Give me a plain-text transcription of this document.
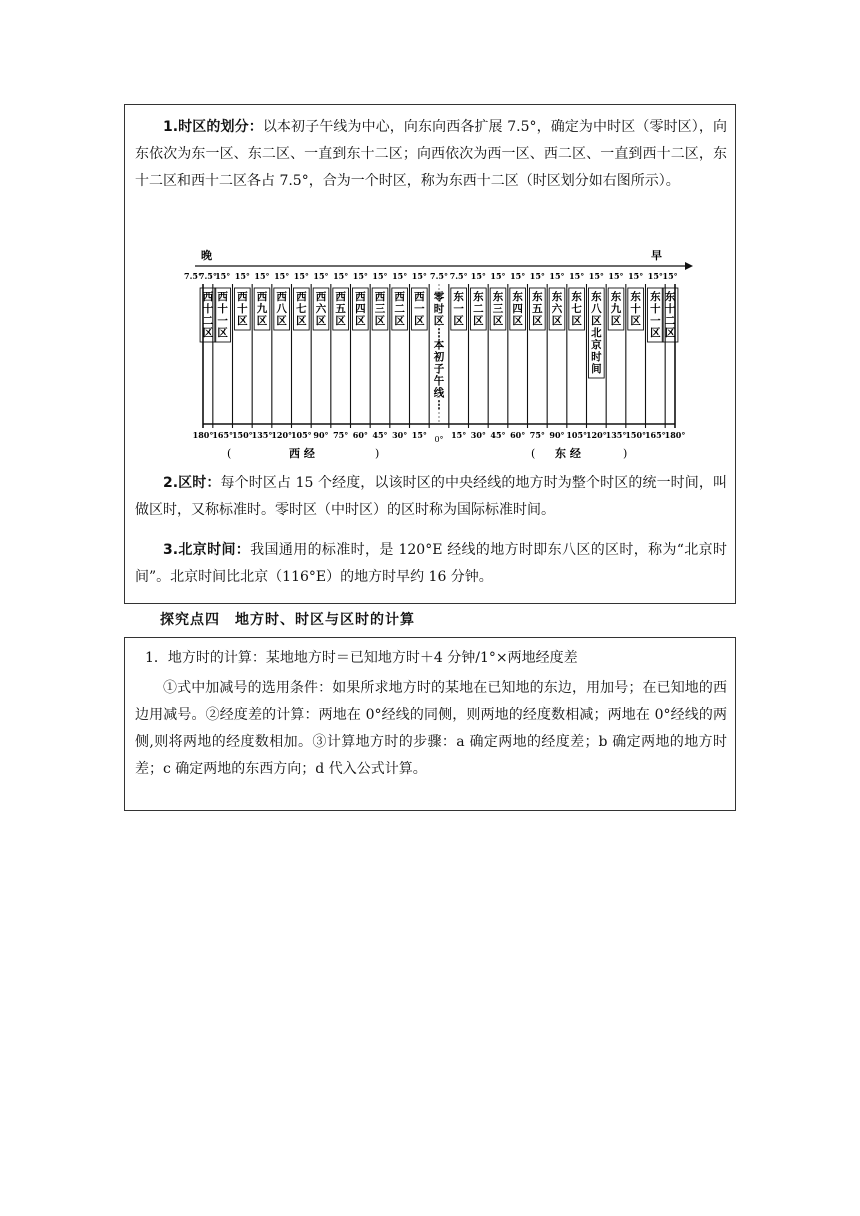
1.时区的划分：以本初子午线为中心，向东向西各扩展 7.5°，确定为中时区（零时区），向东依次为东一区、东二区、一直到东十二区；向西依次为西一区、西二区、一直到西十二区，东十二区和西十二区各占 7.5°，合为一个时区，称为东西十二区（时区划分如右图所示）。

晚	早
7.5°
15° 15° 15° 15° 15° 15° 15° 15° 15° 15° 15° 7.5° 7.5° 15° 15° 15° 15° 15° 15° 15° 15° 15° 15° 15°
7.5°
西
十
二
区
西
十
一
区
西
十
区
西
九
区
西
八
区
西
七
区
西
六
区
西
五
区
西
四
区
西
三
区
西
二
区
西
一
区
零
时
区
⋮
本
初
子
午
线
⋮
东
一
区
东
二
区
东
三
区
东
四
区
东
五
区
东
六
区
东
七
区
东
八
区
北
京
时
间
东
九
区
东
十
区
东
十
一
区
东
十
二
区
180°
165°
150°
135°
120°
105° 90° 75° 60° 45° 30° 15° 0° 15° 30° 45° 60° 75° 90° 105°
120°
135°
150°
165°
180°
(	西 经	)	( 东 经	)

2.区时：每个时区占 15 个经度，以该时区的中央经线的地方时为整个时区的统一时间，叫做区时，又称标准时。零时区（中时区）的区时称为国际标准时间。

3.北京时间：我国通用的标准时，是 120°E 经线的地方时即东八区的区时，称为“北京时间”。北京时间比北京（116°E）的地方时早约 16 分钟。

探究点四　地方时、时区与区时的计算

1．地方时的计算：某地地方时＝已知地方时＋4 分钟/1°×两地经度差

①式中加减号的选用条件：如果所求地方时的某地在已知地的东边，用加号；在已知地的西边用减号。②经度差的计算：两地在 0°经线的同侧，则两地的经度数相减；两地在 0°经线的两侧,则将两地的经度数相加。③计算地方时的步骤：a 确定两地的经度差；b 确定两地的地方时差；c 确定两地的东西方向；d 代入公式计算。
